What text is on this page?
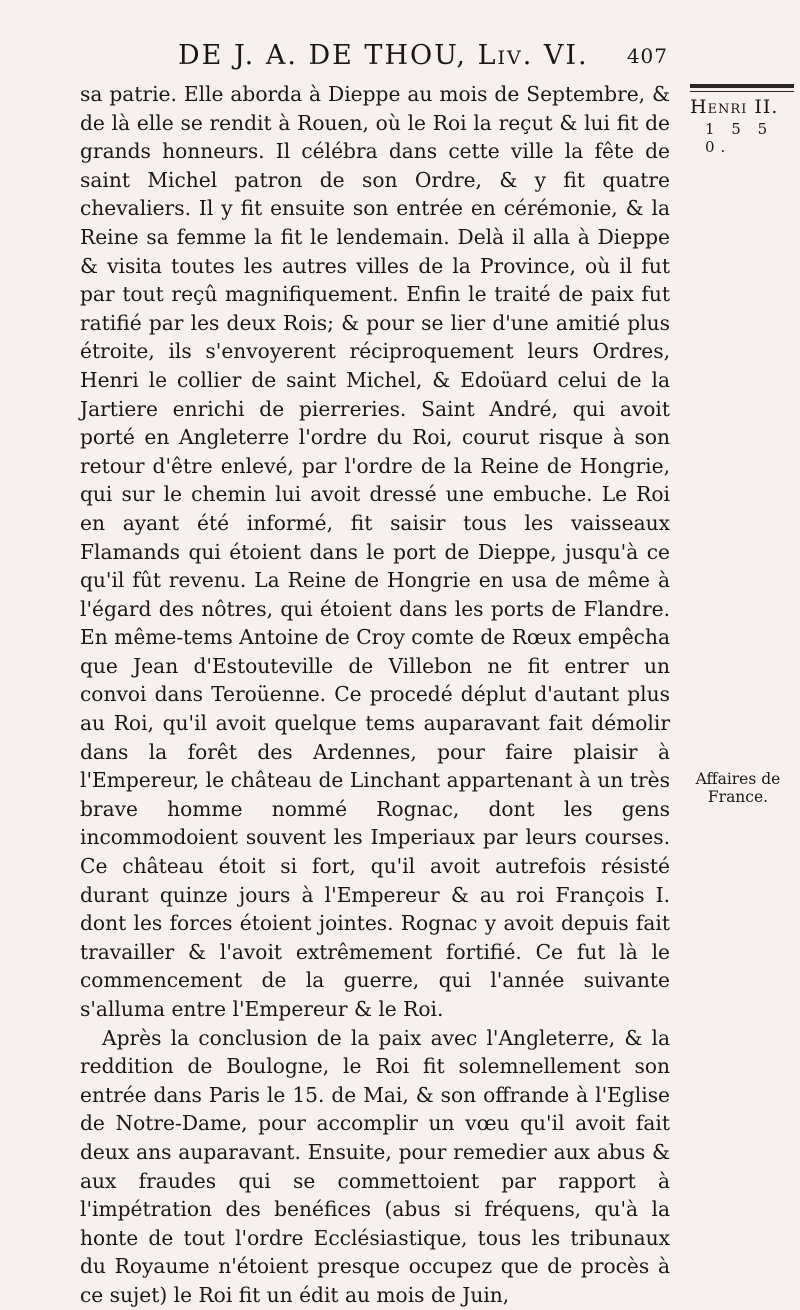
DE J. A. DE THOU, Liv. VI. 407
Henri II.
1 5 5 0.

sa patrie. Elle aborda à Dieppe au mois de Septembre, & de là elle se rendit à Rouen, où le Roi la reçut & lui fit de grands honneurs. Il célébra dans cette ville la fête de saint Michel patron de son Ordre, & y fit quatre chevaliers. Il y fit ensuite son entrée en cérémonie, & la Reine sa femme la fit le lendemain. Delà il alla à Dieppe & visita toutes les autres villes de la Province, où il fut par tout reçû magnifiquement. Enfin le traité de paix fut ratifié par les deux Rois; & pour se lier d'une amitié plus étroite, ils s'envoyerent réciproquement leurs Ordres, Henri le collier de saint Michel, & Edoüard celui de la Jartiere enrichi de pierreries. Saint André, qui avoit porté en Angleterre l'ordre du Roi, courut risque à son retour d'être enlevé, par l'ordre de la Reine de Hongrie, qui sur le chemin lui avoit dressé une embuche. Le Roi en ayant été informé, fit saisir tous les vaisseaux Flamands qui étoient dans le port de Dieppe, jusqu'à ce qu'il fût revenu. La Reine de Hongrie en usa de même à l'égard des nôtres, qui étoient dans les ports de Flandre. En même-tems Antoine de Croy comte de Rœux empêcha que Jean d'Estouteville de Villebon ne fit entrer un convoi dans Teroüenne. Ce procedé déplut d'autant plus au Roi, qu'il avoit quelque tems auparavant fait démolir dans la forêt des Ardennes, pour faire plaisir à l'Empereur, le château de Linchant appartenant à un très brave homme nommé Rognac, dont les gens incommodoient souvent les Imperiaux par leurs courses. Ce château étoit si fort, qu'il avoit autrefois résisté durant quinze jours à l'Empereur & au roi François I. dont les forces étoient jointes. Rognac y avoit depuis fait travailler & l'avoit extrêmement fortifié. Ce fut là le commencement de la guerre, qui l'année suivante s'alluma entre l'Empereur & le Roi.

Après la conclusion de la paix avec l'Angleterre, & la reddition de Boulogne, le Roi fit solemnellement son entrée dans Paris le 15. de Mai, & son offrande à l'Eglise de Notre-Dame, pour accomplir un vœu qu'il avoit fait deux ans auparavant. Ensuite, pour remedier aux abus & aux fraudes qui se commettoient par rapport à l'impétration des benéfices (abus si fréquens, qu'à la honte de tout l'ordre Ecclésiastique, tous les tribunaux du Royaume n'étoient presque occupez que de procès à ce sujet) le Roi fit un édit au mois de Juin,

Affaires de
France.
